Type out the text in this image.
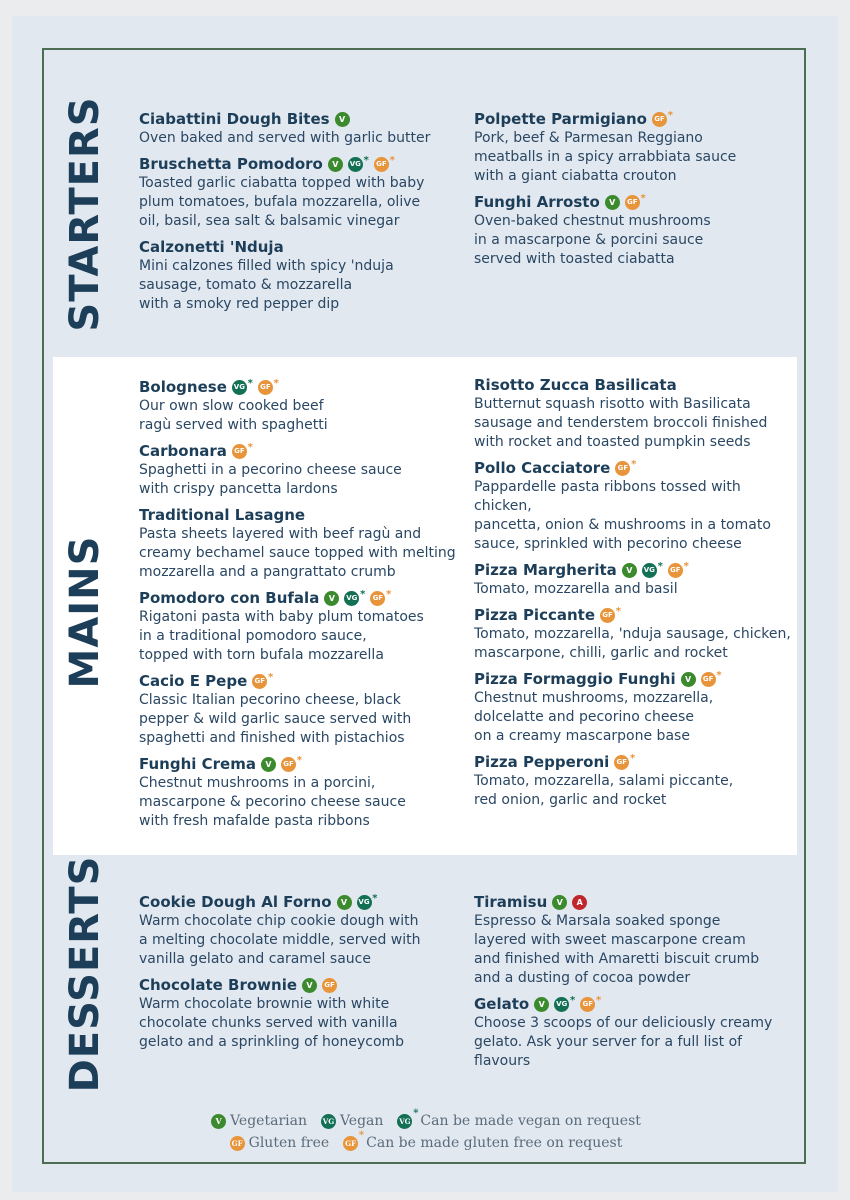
STARTERS
MAINS
DESSERTS
Ciabattini Dough Bites V
Oven baked and served with garlic butter
Bruschetta Pomodoro V VG * GF *
Toasted garlic ciabatta topped with baby
plum tomatoes, bufala mozzarella, olive
oil, basil, sea salt & balsamic vinegar
Calzonetti 'Nduja
Mini calzones filled with spicy 'nduja
sausage, tomato & mozzarella
with a smoky red pepper dip
Polpette Parmigiano GF *
Pork, beef & Parmesan Reggiano
meatballs in a spicy arrabbiata sauce
with a giant ciabatta crouton
Funghi Arrosto V GF *
Oven-baked chestnut mushrooms
in a mascarpone & porcini sauce
served with toasted ciabatta
Bolognese VG * GF *
Our own slow cooked beef
ragù served with spaghetti
Carbonara GF *
Spaghetti in a pecorino cheese sauce
with crispy pancetta lardons
Traditional Lasagne
Pasta sheets layered with beef ragù and
creamy bechamel sauce topped with melting
mozzarella and a pangrattato crumb
Pomodoro con Bufala V VG * GF *
Rigatoni pasta with baby plum tomatoes
in a traditional pomodoro sauce,
topped with torn bufala mozzarella
Cacio E Pepe GF *
Classic Italian pecorino cheese, black
pepper & wild garlic sauce served with
spaghetti and finished with pistachios
Funghi Crema V GF *
Chestnut mushrooms in a porcini,
mascarpone & pecorino cheese sauce
with fresh mafalde pasta ribbons
Risotto Zucca Basilicata
Butternut squash risotto with Basilicata
sausage and tenderstem broccoli finished
with rocket and toasted pumpkin seeds
Pollo Cacciatore GF *
Pappardelle pasta ribbons tossed with chicken,
pancetta, onion & mushrooms in a tomato
sauce, sprinkled with pecorino cheese
Pizza Margherita V VG * GF *
Tomato, mozzarella and basil
Pizza Piccante GF *
Tomato, mozzarella, 'nduja sausage, chicken,
mascarpone, chilli, garlic and rocket
Pizza Formaggio Funghi V GF *
Chestnut mushrooms, mozzarella,
dolcelatte and pecorino cheese
on a creamy mascarpone base
Pizza Pepperoni GF *
Tomato, mozzarella, salami piccante,
red onion, garlic and rocket
Cookie Dough Al Forno V VG *
Warm chocolate chip cookie dough with
a melting chocolate middle, served with
vanilla gelato and caramel sauce
Chocolate Brownie V GF
Warm chocolate brownie with white
chocolate chunks served with vanilla
gelato and a sprinkling of honeycomb
Tiramisu V A
Espresso & Marsala soaked sponge
layered with sweet mascarpone cream
and finished with Amaretti biscuit crumb
and a dusting of cocoa powder
Gelato V VG * GF *
Choose 3 scoops of our deliciously creamy
gelato. Ask your server for a full list of flavours
V Vegetarian VG Vegan VG
* Can be made vegan on request
GF Gluten free GF
* Can be made gluten free on request
